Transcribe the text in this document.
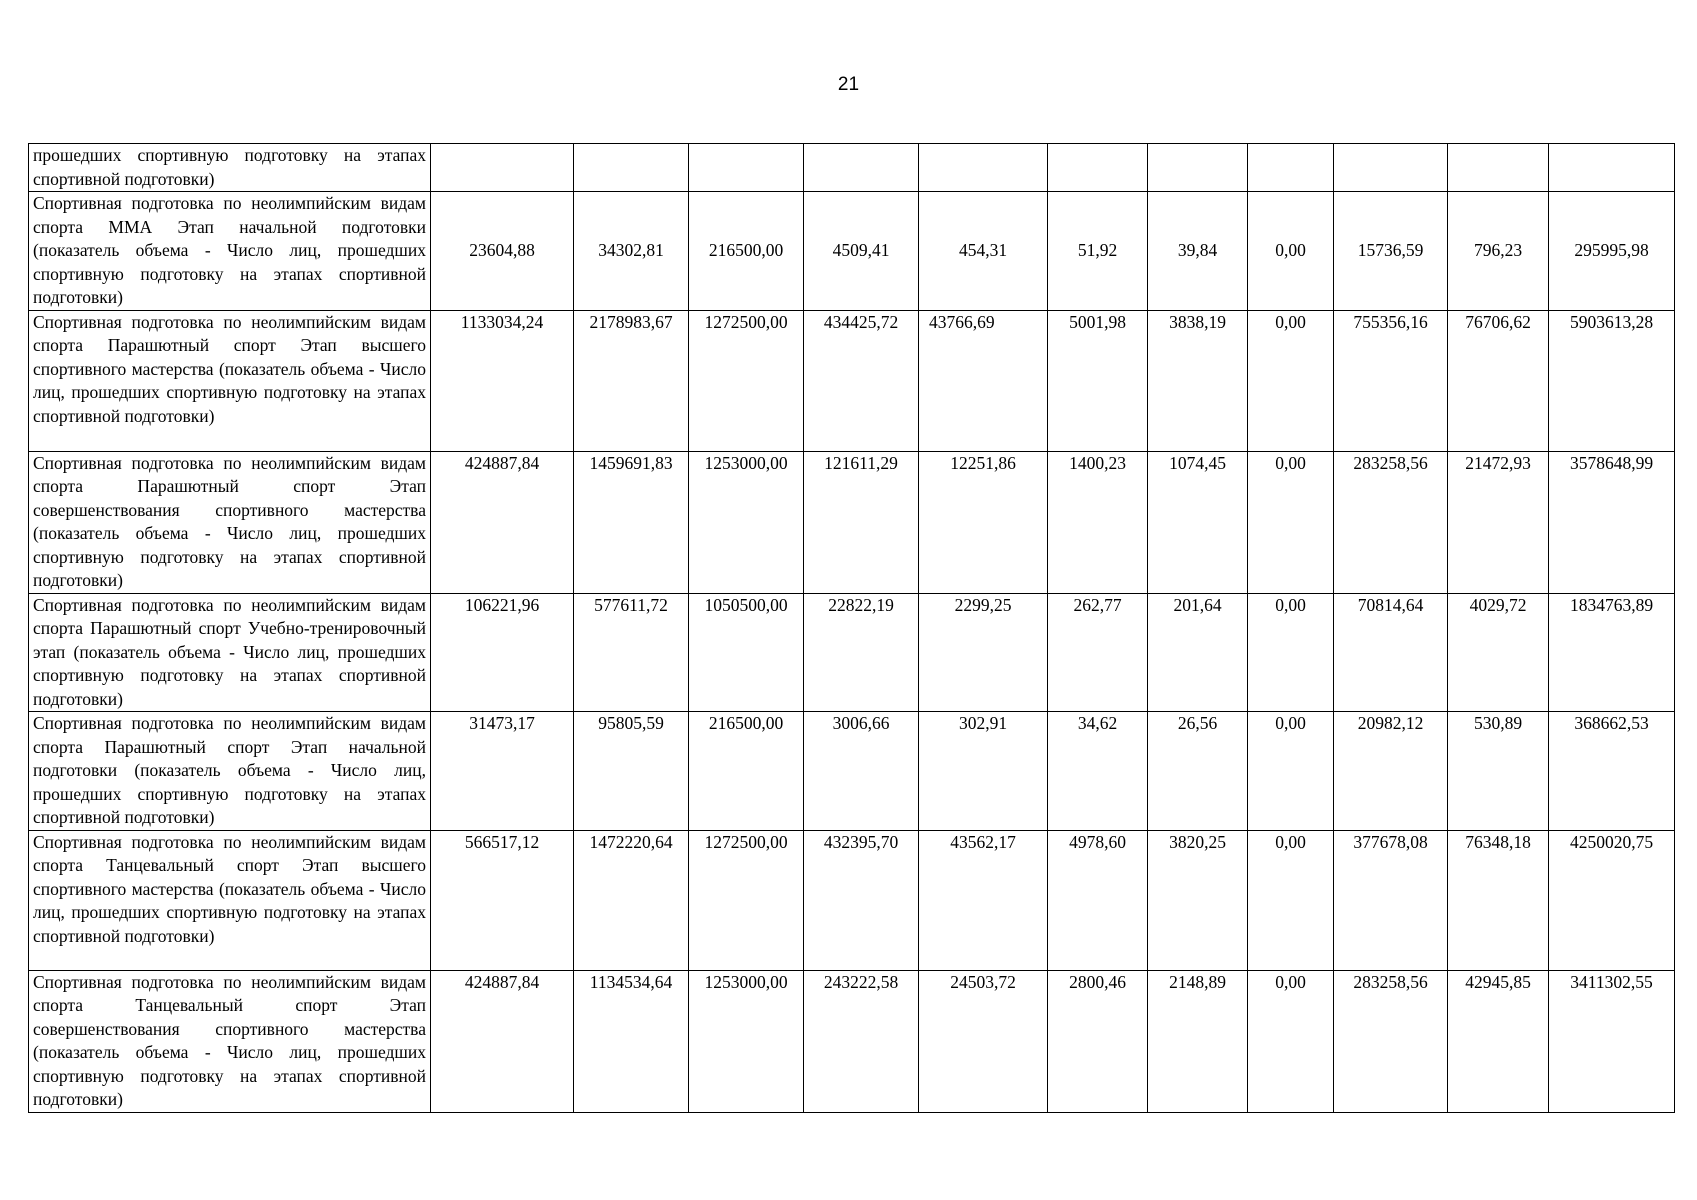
21
прошедших спортивную подготовку на этапах спортивной подготовки)											
Спортивная подготовка по неолимпийским видам спорта ММА Этап начальной подготовки (показатель объема - Число лиц, прошедших спортивную подготовку на этапах спортивной подготовки)	23604,88	34302,81	216500,00	4509,41	454,31	51,92	39,84	0,00	15736,59	796,23	295995,98
Спортивная подготовка по неолимпийским видам спорта Парашютный спорт Этап высшего спортивного мастерства (показатель объема - Число лиц, прошедших спортивную подготовку на этапах спортивной подготовки)	1133034,24	2178983,67	1272500,00	434425,72	43766,69	5001,98	3838,19	0,00	755356,16	76706,62	5903613,28
Спортивная подготовка по неолимпийским видам спорта Парашютный спорт Этап совершенствования спортивного мастерства (показатель объема - Число лиц, прошедших спортивную подготовку на этапах спортивной подготовки)	424887,84	1459691,83	1253000,00	121611,29	12251,86	1400,23	1074,45	0,00	283258,56	21472,93	3578648,99
Спортивная подготовка по неолимпийским видам спорта Парашютный спорт Учебно-тренировочный этап (показатель объема - Число лиц, прошедших спортивную подготовку на этапах спортивной подготовки)	106221,96	577611,72	1050500,00	22822,19	2299,25	262,77	201,64	0,00	70814,64	4029,72	1834763,89
Спортивная подготовка по неолимпийским видам спорта Парашютный спорт Этап начальной подготовки (показатель объема - Число лиц, прошедших спортивную подготовку на этапах спортивной подготовки)	31473,17	95805,59	216500,00	3006,66	302,91	34,62	26,56	0,00	20982,12	530,89	368662,53
Спортивная подготовка по неолимпийским видам спорта Танцевальный спорт Этап высшего спортивного мастерства (показатель объема - Число лиц, прошедших спортивную подготовку на этапах спортивной подготовки)	566517,12	1472220,64	1272500,00	432395,70	43562,17	4978,60	3820,25	0,00	377678,08	76348,18	4250020,75
Спортивная подготовка по неолимпийским видам спорта Танцевальный спорт Этап совершенствования спортивного мастерства (показатель объема - Число лиц, прошедших спортивную подготовку на этапах спортивной подготовки)	424887,84	1134534,64	1253000,00	243222,58	24503,72	2800,46	2148,89	0,00	283258,56	42945,85	3411302,55
